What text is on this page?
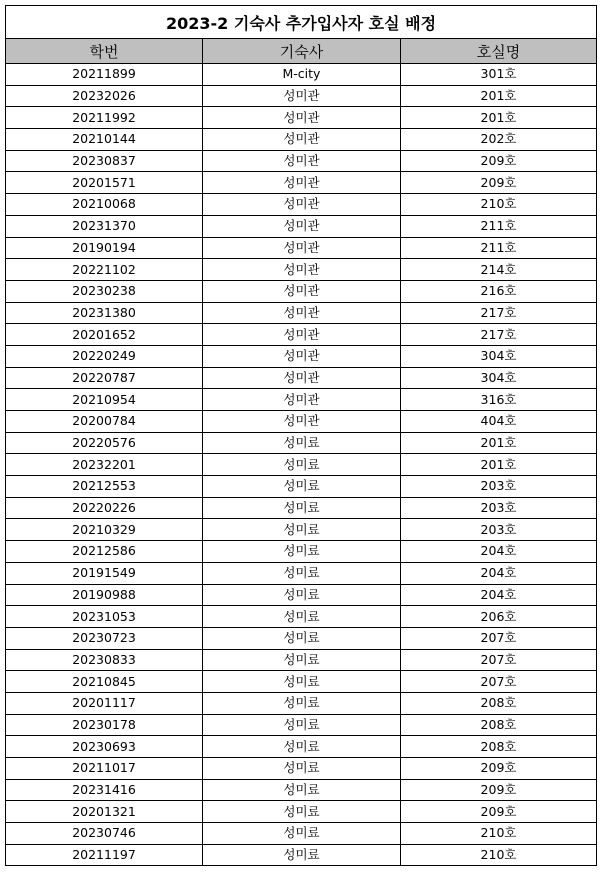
2023-2 기숙사 추가입사자 호실 배정		
학번	기숙사	호실명
20211899	M-city	301호
20232026	성미관	201호
20211992	성미관	201호
20210144	성미관	202호
20230837	성미관	209호
20201571	성미관	209호
20210068	성미관	210호
20231370	성미관	211호
20190194	성미관	211호
20221102	성미관	214호
20230238	성미관	216호
20231380	성미관	217호
20201652	성미관	217호
20220249	성미관	304호
20220787	성미관	304호
20210954	성미관	316호
20200784	성미관	404호
20220576	성미료	201호
20232201	성미료	201호
20212553	성미료	203호
20220226	성미료	203호
20210329	성미료	203호
20212586	성미료	204호
20191549	성미료	204호
20190988	성미료	204호
20231053	성미료	206호
20230723	성미료	207호
20230833	성미료	207호
20210845	성미료	207호
20201117	성미료	208호
20230178	성미료	208호
20230693	성미료	208호
20211017	성미료	209호
20231416	성미료	209호
20201321	성미료	209호
20230746	성미료	210호
20211197	성미료	210호
